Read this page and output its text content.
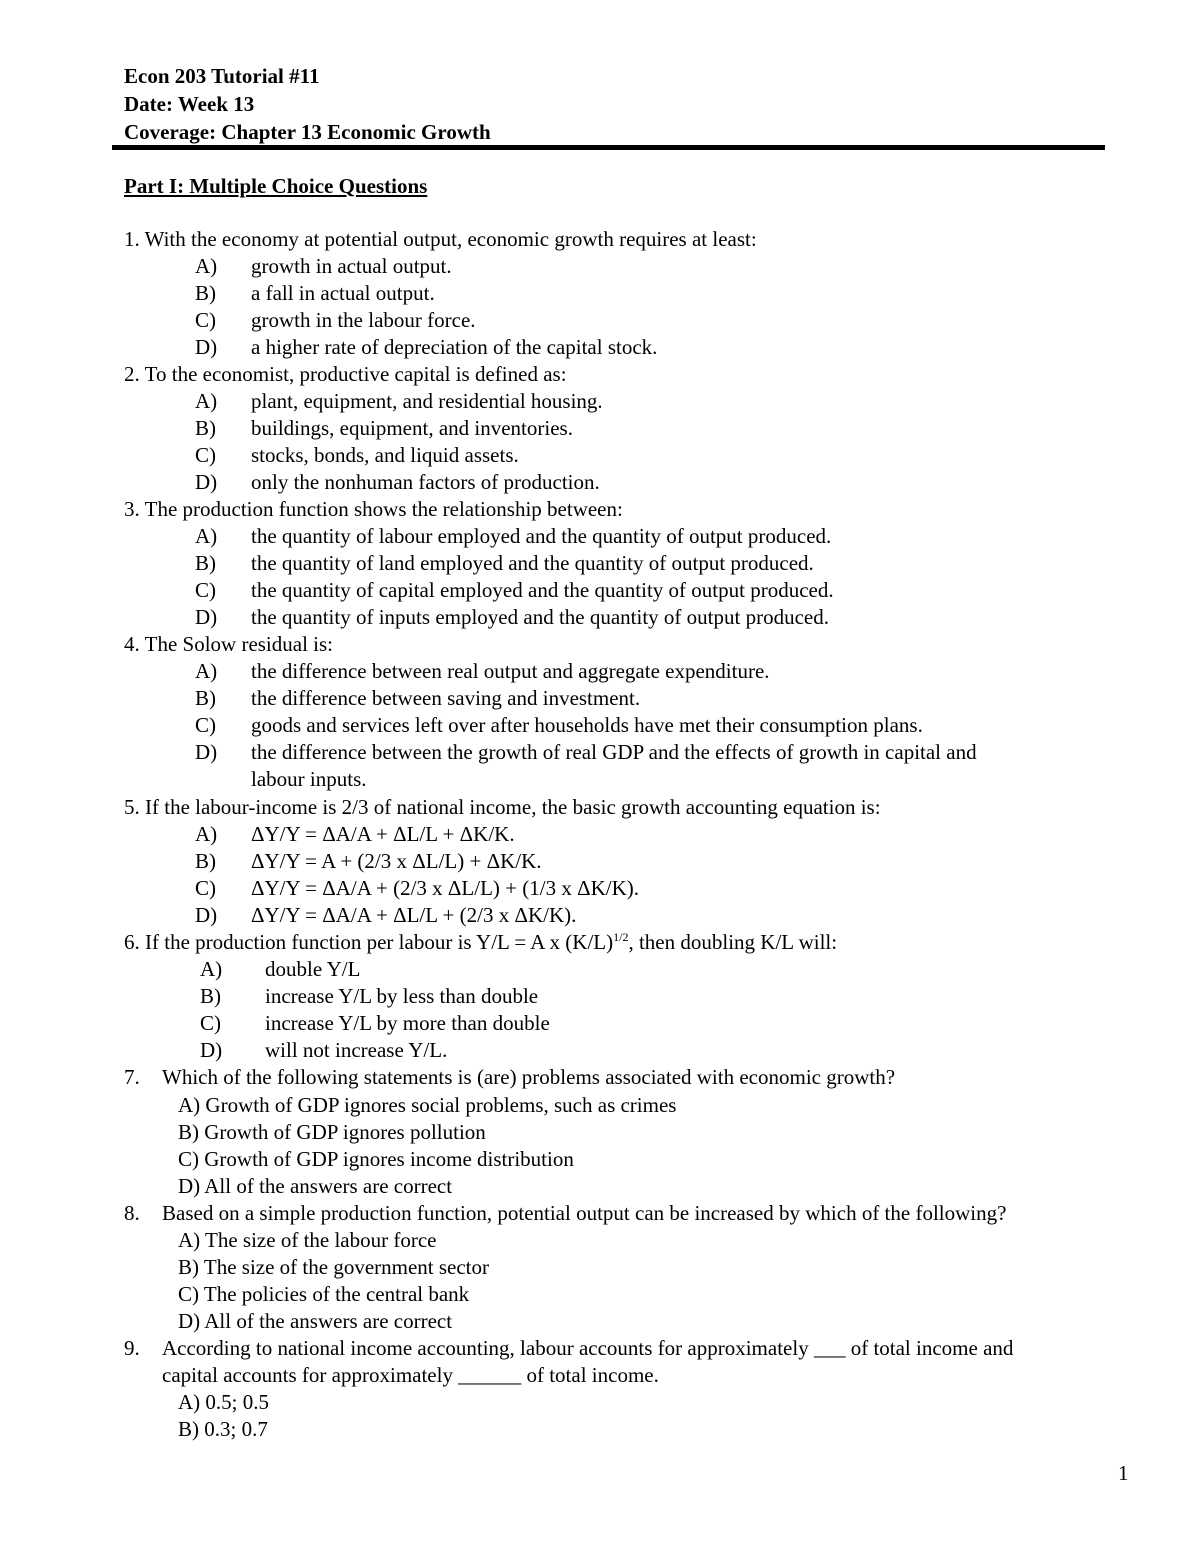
Econ 203 Tutorial #11
Date: Week 13
Coverage: Chapter 13 Economic Growth
Part I: Multiple Choice Questions
1. With the economy at potential output, economic growth requires at least:
A) growth in actual output.
B) a fall in actual output.
C) growth in the labour force.
D) a higher rate of depreciation of the capital stock.
2. To the economist, productive capital is defined as:
A) plant, equipment, and residential housing.
B) buildings, equipment, and inventories.
C) stocks, bonds, and liquid assets.
D) only the nonhuman factors of production.
3. The production function shows the relationship between:
A) the quantity of labour employed and the quantity of output produced.
B) the quantity of land employed and the quantity of output produced.
C) the quantity of capital employed and the quantity of output produced.
D) the quantity of inputs employed and the quantity of output produced.
4. The Solow residual is:
A) the difference between real output and aggregate expenditure.
B) the difference between saving and investment.
C) goods and services left over after households have met their consumption plans.
D) the difference between the growth of real GDP and the effects of growth in capital and
labour inputs.
5. If the labour-income is 2/3 of national income, the basic growth accounting equation is:
A) ΔY/Y = ΔA/A + ΔL/L + ΔK/K.
B) ΔY/Y = A + (2/3 x ΔL/L) + ΔK/K.
C) ΔY/Y = ΔA/A + (2/3 x ΔL/L) + (1/3 x ΔK/K).
D) ΔY/Y = ΔA/A + ΔL/L + (2/3 x ΔK/K).
6. If the production function per labour is Y/L = A x $(K/L)^{1/2}$, then doubling K/L will:
A) double Y/L
B) increase Y/L by less than double
C) increase Y/L by more than double
D) will not increase Y/L.
7. Which of the following statements is (are) problems associated with economic growth?
A) Growth of GDP ignores social problems, such as crimes
B) Growth of GDP ignores pollution
C) Growth of GDP ignores income distribution
D) All of the answers are correct
8. Based on a simple production function, potential output can be increased by which of the following?
A) The size of the labour force
B) The size of the government sector
C) The policies of the central bank
D) All of the answers are correct
9. According to national income accounting, labour accounts for approximately ___ of total income and
capital accounts for approximately ______ of total income.
A) 0.5; 0.5
B) 0.3; 0.7
1
